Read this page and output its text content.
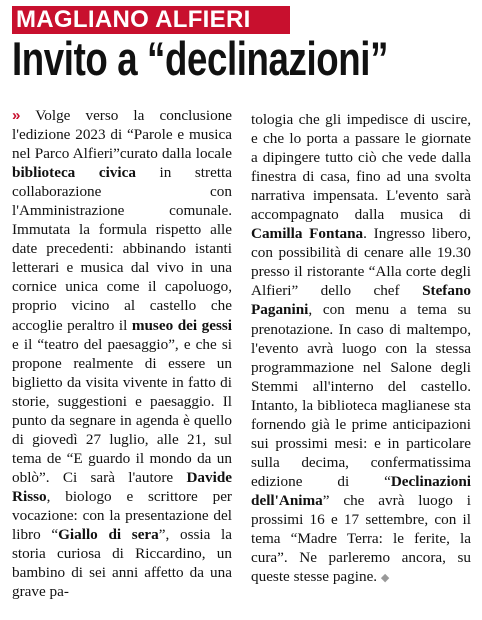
MAGLIANO ALFIERI
Invito a “declinazioni”

» Volge verso la conclusione l'edizione 2023 di “Parole e musica nel Parco Alfieri”curato dalla locale biblioteca civica in stretta collaborazione con l'Amministrazione comunale. Immutata la formula rispetto alle date precedenti: abbinando istanti letterari e musica dal vivo in una cornice unica come il capoluogo, proprio vicino al castello che accoglie peraltro il museo dei gessi e il “teatro del paesaggio”, e che si propone realmente di essere un biglietto da visita vivente in fatto di storie, suggestioni e paesaggio. Il punto da segnare in agenda è quello di giovedì 27 luglio, alle 21, sul tema de “E guardo il mondo da un oblò”. Ci sarà l'autore Davide Risso, biologo e scrittore per vocazione: con la presentazione del libro “Giallo di sera”, ossia la storia curiosa di Riccardino, un bambino di sei anni affetto da una grave pa-

tologia che gli impedisce di uscire, e che lo porta a passare le giornate a dipingere tutto ciò che vede dalla finestra di casa, fino ad una svolta narrativa impensata. L'evento sarà accompagnato dalla musica di Camilla Fontana. Ingresso libero, con possibilità di cenare alle 19.30 presso il ristorante “Alla corte degli Alfieri” dello chef Stefano Paganini, con menu a tema su prenotazione. In caso di maltempo, l'evento avrà luogo con la stessa programmazione nel Salone degli Stemmi all'interno del castello. Intanto, la biblioteca maglianese sta fornendo già le prime anticipazioni sui prossimi mesi: e in particolare sulla decima, confermatissima edizione di “Declinazioni dell'Anima” che avrà luogo i prossimi 16 e 17 settembre, con il tema “Madre Terra: le ferite, la cura”. Ne parleremo ancora, su queste stesse pagine. ◆
